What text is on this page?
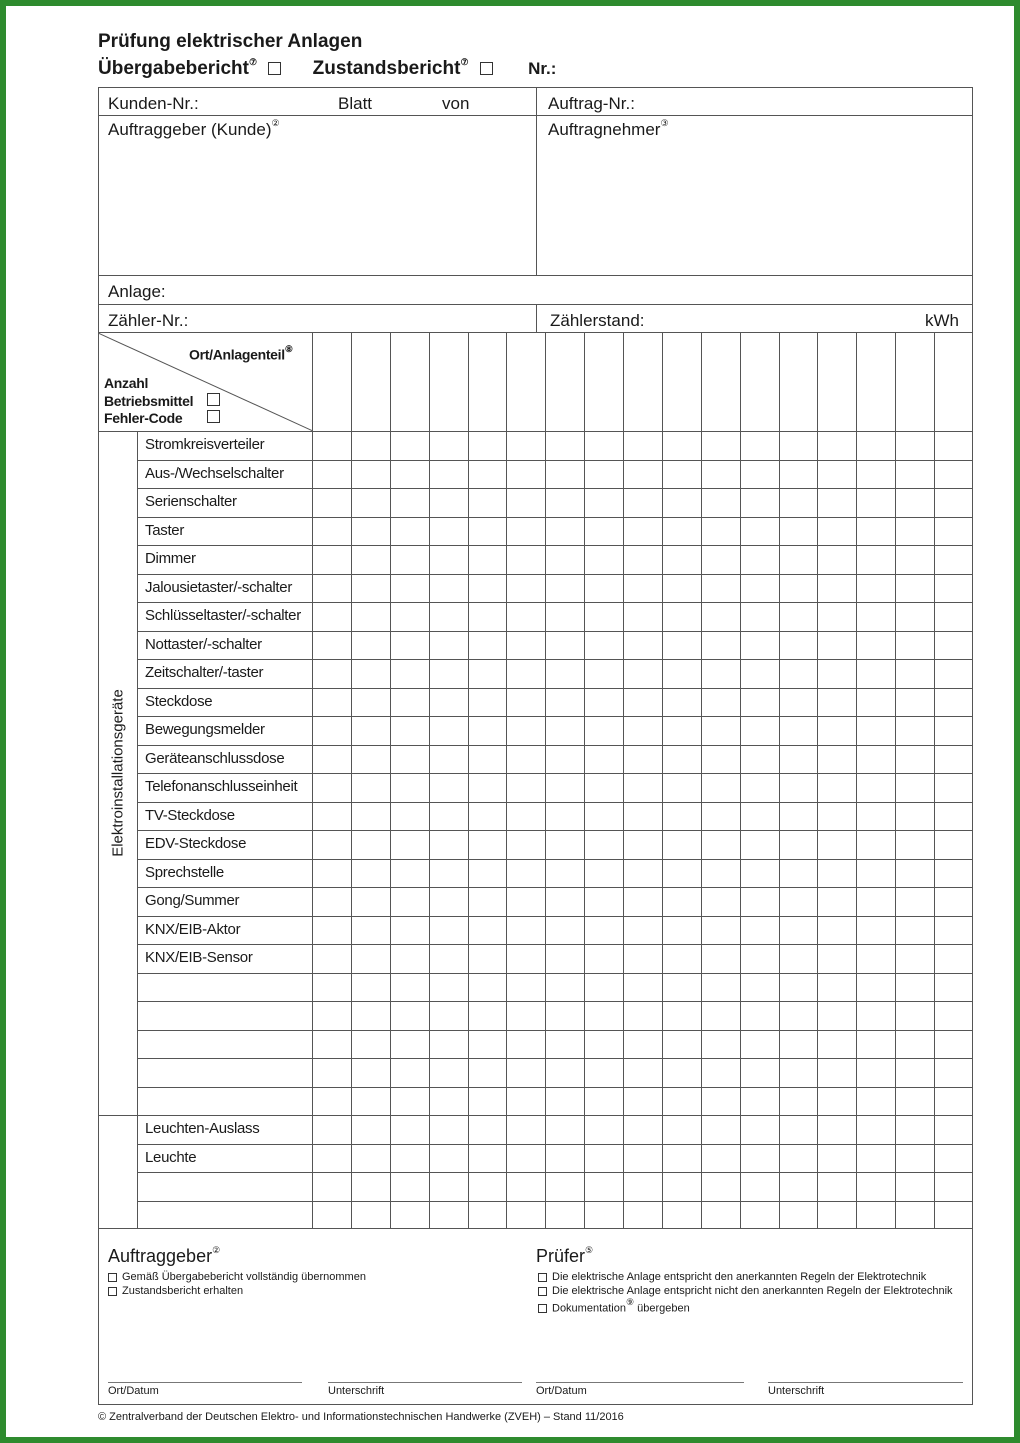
Prüfung elektrischer Anlagen
Übergabebericht⑦	Zustandsbericht⑦	Nr.:
Kunden-Nr.:	Blatt	von	Auftrag-Nr.:
Auftraggeber (Kunde)②	Auftragnehmer③
Anlage:
Zähler-Nr.:	Zählerstand:	kWh
Ort/Anlagenteil⑧
Anzahl
Betriebsmittel
Fehler-Code
Elektroinstallationsgeräte
Stromkreisverteiler
Aus-/Wechselschalter
Serienschalter
Taster
Dimmer
Jalousietaster/-schalter
Schlüsseltaster/-schalter
Nottaster/-schalter
Zeitschalter/-taster
Steckdose
Bewegungsmelder
Geräteanschlussdose
Telefonanschlusseinheit
TV-Steckdose
EDV-Steckdose
Sprechstelle
Gong/Summer
KNX/EIB-Aktor
KNX/EIB-Sensor
Leuchten-Auslass
Leuchte
Auftraggeber②
Gemäß Übergabebericht vollständig übernommen
Zustandsbericht erhalten
Prüfer⑤
Die elektrische Anlage entspricht den anerkannten Regeln der Elektrotechnik
Die elektrische Anlage entspricht nicht den anerkannten Regeln der Elektrotechnik
Dokumentation⑨ übergeben
Ort/Datum	Unterschrift	Ort/Datum	Unterschrift
© Zentralverband der Deutschen Elektro- und Informationstechnischen Handwerke (ZVEH) – Stand 11/2016
